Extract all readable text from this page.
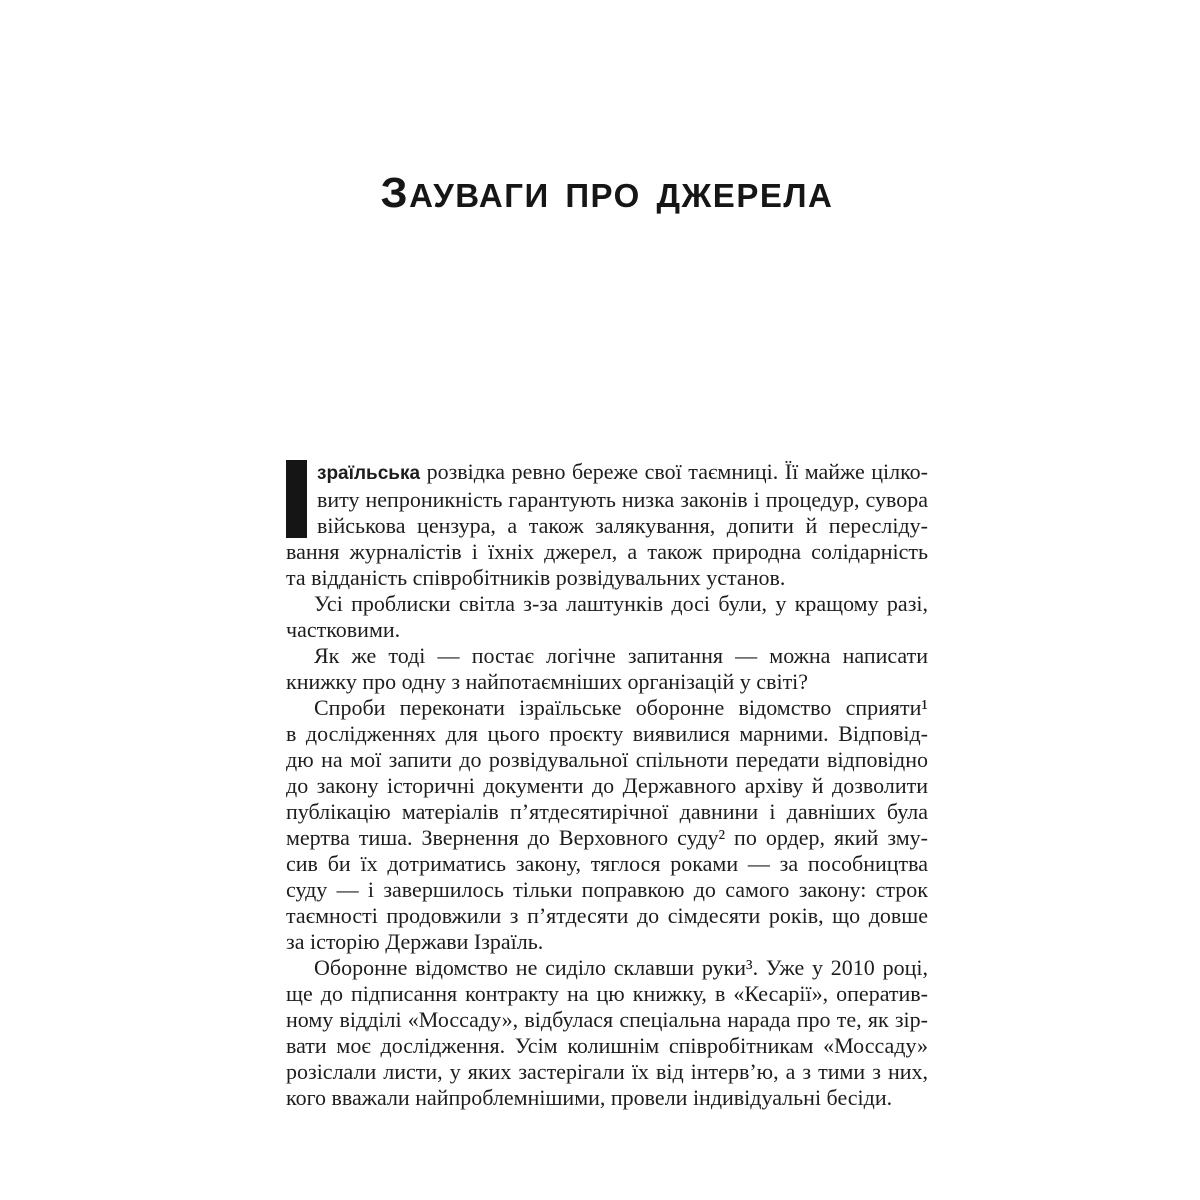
ЗАУВАГИ ПРО ДЖЕРЕЛА
зраїльська розвідка ревно береже свої таємниці. Її майже цілко-
виту непроникність гарантують низка законів і процедур, сувора
військова цензура, а також залякування, допити й пересліду-
вання журналістів і їхніх джерел, а також природна солідарність
та відданість співробітників розвідувальних установ.
Усі проблиски світла з-за лаштунків досі були, у кращому разі,
частковими.
Як же тоді — постає логічне запитання — можна написати
книжку про одну з найпотаємніших організацій у світі?
Спроби переконати ізраїльське оборонне відомство сприяти¹
в дослідженнях для цього проєкту виявилися марними. Відповід-
дю на мої запити до розвідувальної спільноти передати відповідно
до закону історичні документи до Державного архіву й дозволити
публікацію матеріалів п’ятдесятирічної давнини і давніших була
мертва тиша. Звернення до Верховного суду² по ордер, який зму-
сив би їх дотриматись закону, тяглося роками — за пособництва
суду — і завершилось тільки поправкою до самого закону: строк
таємності продовжили з п’ятдесяти до сімдесяти років, що довше
за історію Держави Ізраїль.
Оборонне відомство не сиділо склавши руки³. Уже у 2010 році,
ще до підписання контракту на цю книжку, в «Кесарії», оператив-
ному відділі «Моссаду», відбулася спеціальна нарада про те, як зір-
вати моє дослідження. Усім колишнім співробітникам «Моссаду»
розіслали листи, у яких застерігали їх від інтерв’ю, а з тими з них,
кого вважали найпроблемнішими, провели індивідуальні бесіди.
